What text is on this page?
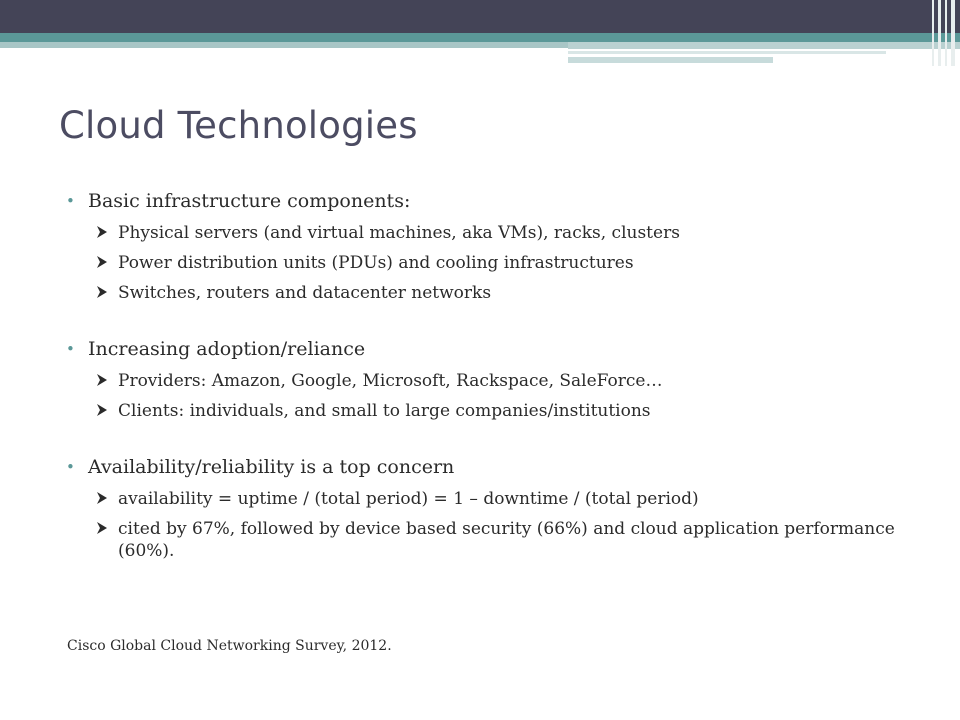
Cloud Technologies
• Basic infrastructure components:
Physical servers (and virtual machines, aka VMs), racks, clusters
Power distribution units (PDUs) and cooling infrastructures
Switches, routers and datacenter networks
• Increasing adoption/reliance
Providers: Amazon, Google, Microsoft, Rackspace, SaleForce…
Clients: individuals, and small to large companies/institutions
• Availability/reliability is a top concern
availability = uptime / (total period) = 1 – downtime / (total period)
cited by 67%, followed by device based security (66%) and cloud application performance (60%).
Cisco Global Cloud Networking Survey, 2012.
